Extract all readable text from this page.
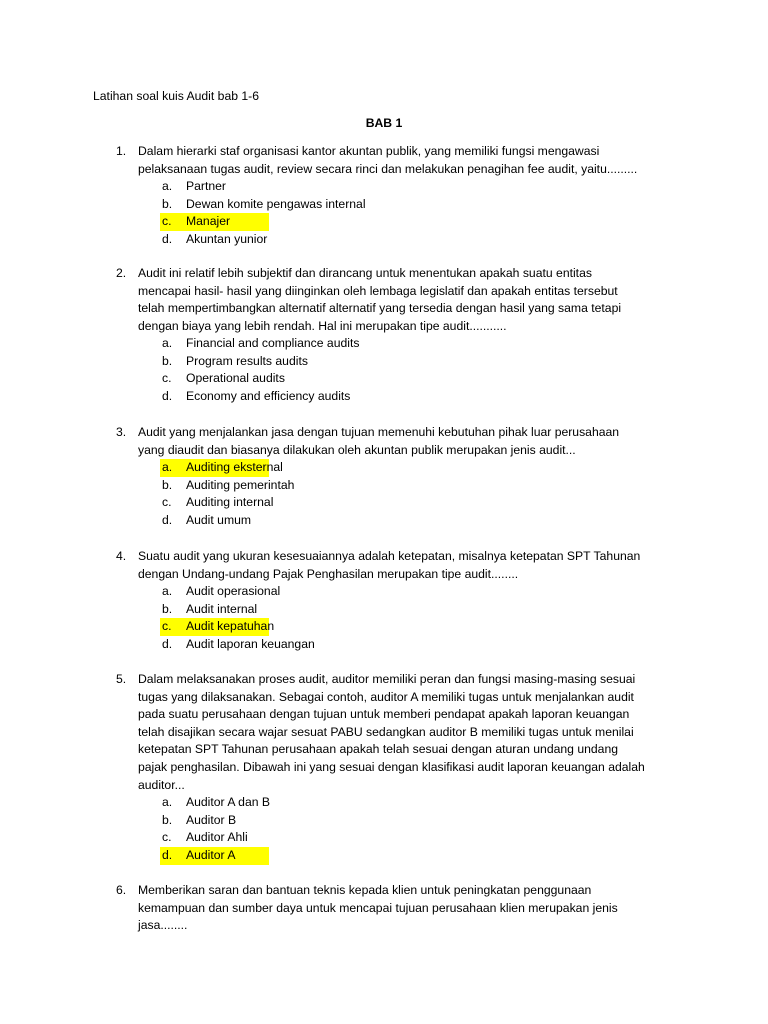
Latihan soal kuis Audit bab 1-6
BAB 1
1. Dalam hierarki staf organisasi kantor akuntan publik, yang memiliki fungsi mengawasi
pelaksanaan tugas audit, review secara rinci dan melakukan penagihan fee audit, yaitu.........
a. Partner
b. Dewan komite pengawas internal
c. Manajer
d. Akuntan yunior
2. Audit ini relatif lebih subjektif dan dirancang untuk menentukan apakah suatu entitas
mencapai hasil- hasil yang diinginkan oleh lembaga legislatif dan apakah entitas tersebut
telah mempertimbangkan alternatif alternatif yang tersedia dengan hasil yang sama tetapi
dengan biaya yang lebih rendah. Hal ini merupakan tipe audit...........
a. Financial and compliance audits
b. Program results audits
c. Operational audits
d. Economy and efficiency audits
3. Audit yang menjalankan jasa dengan tujuan memenuhi kebutuhan pihak luar perusahaan
yang diaudit dan biasanya dilakukan oleh akuntan publik merupakan jenis audit...
a. Auditing eksternal
b. Auditing pemerintah
c. Auditing internal
d. Audit umum
4. Suatu audit yang ukuran kesesuaiannya adalah ketepatan, misalnya ketepatan SPT Tahunan
dengan Undang-undang Pajak Penghasilan merupakan tipe audit........
a. Audit operasional
b. Audit internal
c. Audit kepatuhan
d. Audit laporan keuangan
5. Dalam melaksanakan proses audit, auditor memiliki peran dan fungsi masing-masing sesuai
tugas yang dilaksanakan. Sebagai contoh, auditor A memiliki tugas untuk menjalankan audit
pada suatu perusahaan dengan tujuan untuk memberi pendapat apakah laporan keuangan
telah disajikan secara wajar sesuat PABU sedangkan auditor B memiliki tugas untuk menilai
ketepatan SPT Tahunan perusahaan apakah telah sesuai dengan aturan undang undang
pajak penghasilan. Dibawah ini yang sesuai dengan klasifikasi audit laporan keuangan adalah
auditor...
a. Auditor A dan B
b. Auditor B
c. Auditor Ahli
d. Auditor A
6. Memberikan saran dan bantuan teknis kepada klien untuk peningkatan penggunaan
kemampuan dan sumber daya untuk mencapai tujuan perusahaan klien merupakan jenis
jasa........
